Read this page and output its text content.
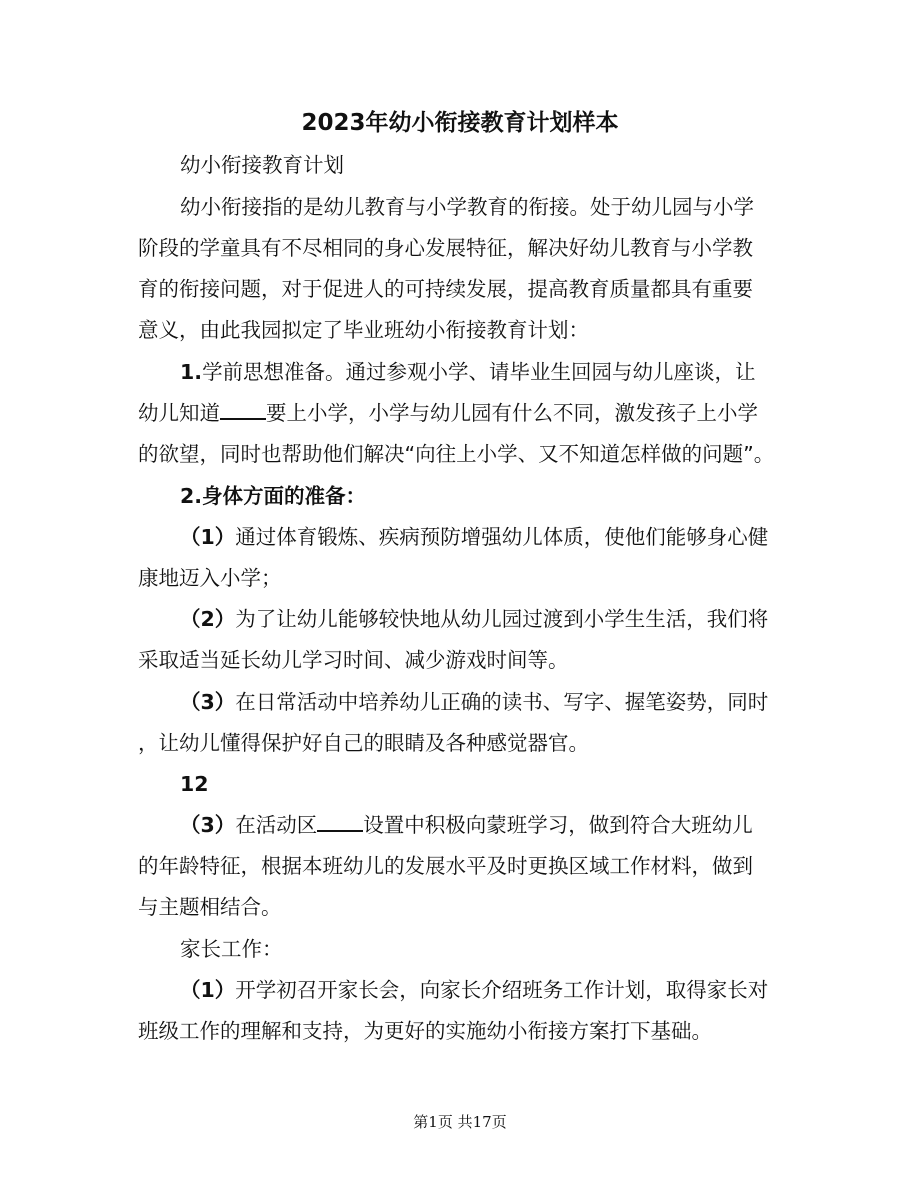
2023年幼小衔接教育计划样本
幼小衔接教育计划
幼小衔接指的是幼儿教育与小学教育的衔接。处于幼儿园与小学
阶段的学童具有不尽相同的身心发展特征，解决好幼儿教育与小学教
育的衔接问题，对于促进人的可持续发展，提高教育质量都具有重要
意义，由此我园拟定了毕业班幼小衔接教育计划：
1.学前思想准备。通过参观小学、请毕业生回园与幼儿座谈，让
幼儿知道 要上小学，小学与幼儿园有什么不同，激发孩子上小学
的欲望，同时也帮助他们解决“向往上小学、又不知道怎样做的问题”。
2.身体方面的准备：
（1）通过体育锻炼、疾病预防增强幼儿体质，使他们能够身心健
康地迈入小学；
（2）为了让幼儿能够较快地从幼儿园过渡到小学生生活，我们将
采取适当延长幼儿学习时间、减少游戏时间等。
（3）在日常活动中培养幼儿正确的读书、写字、握笔姿势，同时
，让幼儿懂得保护好自己的眼睛及各种感觉器官。
12
（3）在活动区 设置中积极向蒙班学习，做到符合大班幼儿
的年龄特征，根据本班幼儿的发展水平及时更换区域工作材料，做到
与主题相结合。
家长工作：
（1）开学初召开家长会，向家长介绍班务工作计划，取得家长对
班级工作的理解和支持，为更好的实施幼小衔接方案打下基础。
第1页 共17页
